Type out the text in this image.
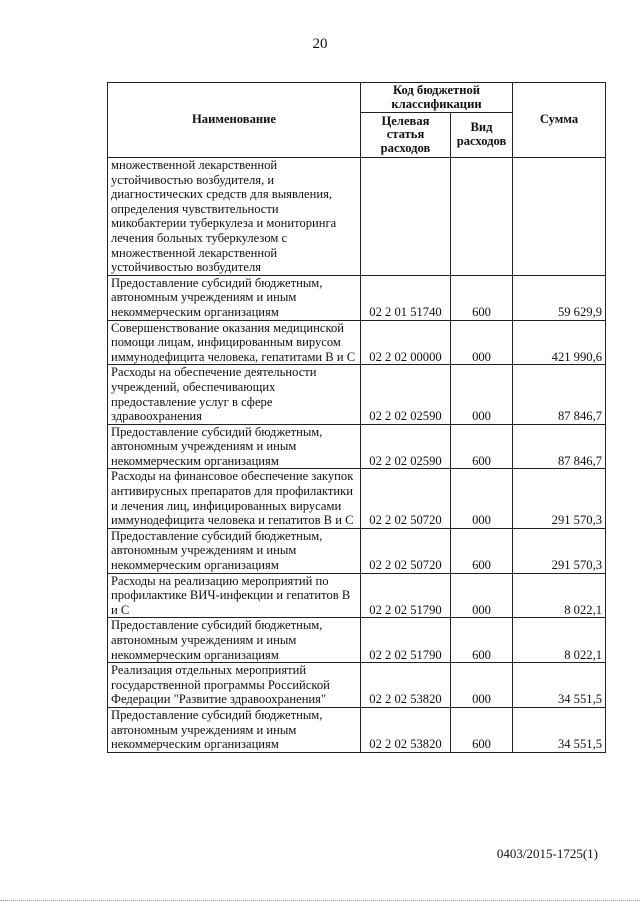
20
Наименование	Код бюджетной классификации		Сумма
	Целевая статья расходов	Вид расходов	
множественной лекарственной устойчивостью возбудителя, и диагностических средств для выявления, определения чувствительности микобактерии туберкулеза и мониторинга лечения больных туберкулезом с множественной лекарственной устойчивостью возбудителя			
Предоставление субсидий бюджетным, автономным учреждениям и иным некоммерческим организациям	02 2 01 51740	600	59 629,9
Совершенствование оказания медицинской помощи лицам, инфицированным вирусом иммунодефицита человека, гепатитами В и С	02 2 02 00000	000	421 990,6
Расходы на обеспечение деятельности учреждений, обеспечивающих предоставление услуг в сфере здравоохранения	02 2 02 02590	000	87 846,7
Предоставление субсидий бюджетным, автономным учреждениям и иным некоммерческим организациям	02 2 02 02590	600	87 846,7
Расходы на финансовое обеспечение закупок антивирусных препаратов для профилактики и лечения лиц, инфицированных вирусами иммунодефицита человека и гепатитов В и С	02 2 02 50720	000	291 570,3
Предоставление субсидий бюджетным, автономным учреждениям и иным некоммерческим организациям	02 2 02 50720	600	291 570,3
Расходы на реализацию мероприятий по профилактике ВИЧ-инфекции и гепатитов В и С	02 2 02 51790	000	8 022,1
Предоставление субсидий бюджетным, автономным учреждениям и иным некоммерческим организациям	02 2 02 51790	600	8 022,1
Реализация отдельных мероприятий государственной программы Российской Федерации "Развитие здравоохранения"	02 2 02 53820	000	34 551,5
Предоставление субсидий бюджетным, автономным учреждениям и иным некоммерческим организациям	02 2 02 53820	600	34 551,5
0403/2015-1725(1)
